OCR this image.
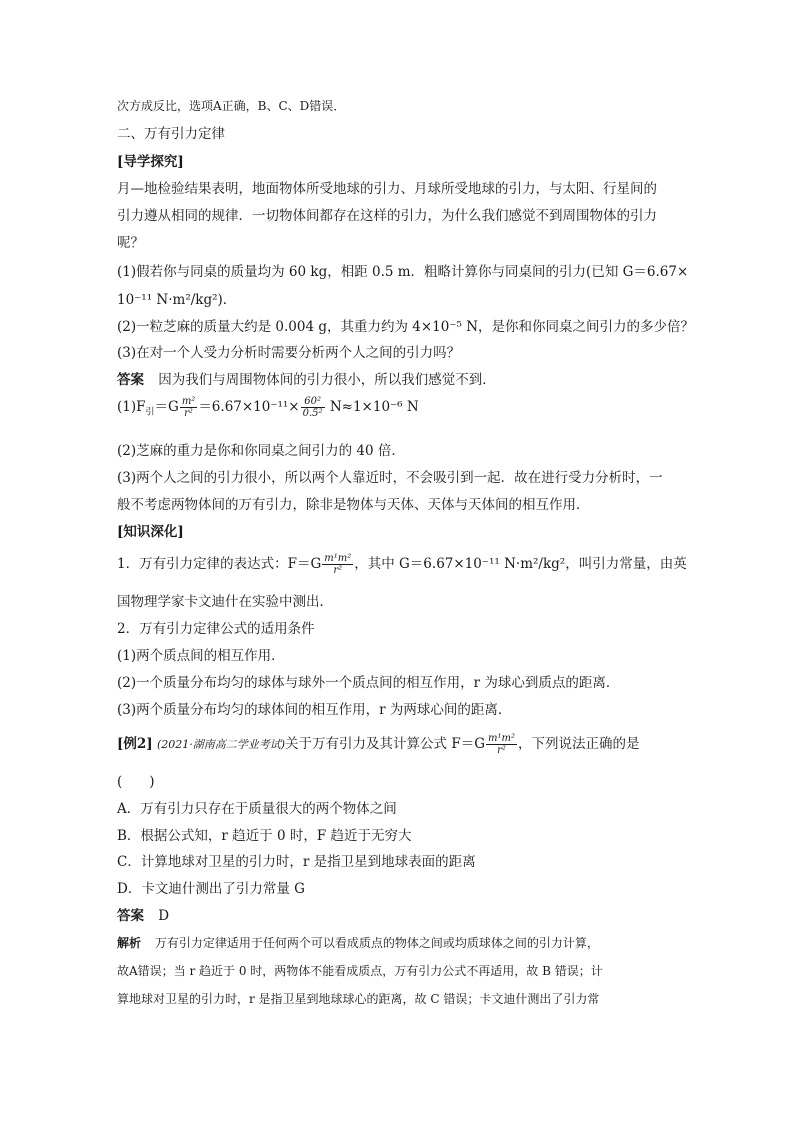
次方成反比，选项A正确，B、C、D错误．
二、万有引力定律
[导学探究]
月—地检验结果表明，地面物体所受地球的引力、月球所受地球的引力，与太阳、行星间的
引力遵从相同的规律．一切物体间都存在这样的引力，为什么我们感觉不到周围物体的引力
呢？
(1)假若你与同桌的质量均为 60 kg，相距 0.5 m．粗略计算你与同桌间的引力(已知 G＝6.67×
10⁻¹¹ N·m²/kg²)．
(2)一粒芝麻的质量大约是 0.004 g，其重力约为 4×10⁻⁵ N，是你和你同桌之间引力的多少倍？
(3)在对一个人受力分析时需要分析两个人之间的引力吗？
答案 因为我们与周围物体间的引力很小，所以我们感觉不到．
$(1)F_引=G \frac{\text{m²}}{\text{r²}} =6.67\times 10^{-11}\times \frac{\text{60²}}{\text{0.5²}} N\approx 1\times 10^{-6}$ N
(2)芝麻的重力是你和你同桌之间引力的 40 倍．
(3)两个人之间的引力很小，所以两个人靠近时，不会吸引到一起．故在进行受力分析时，一
般不考虑两物体间的万有引力，除非是物体与天体、天体与天体间的相互作用．
[知识深化]
1．万有引力定律的表达式：$F=G \frac{\text{m¹m²}}{\text{r²}}$ ，其中 G＝6.67×10⁻¹¹ N·m²/kg²，叫引力常量，由英
国物理学家卡文迪什在实验中测出．
2．万有引力定律公式的适用条件
(1)两个质点间的相互作用．
(2)一个质量分布均匀的球体与球外一个质点间的相互作用，r 为球心到质点的距离．
(3)两个质量分布均匀的球体间的相互作用，r 为两球心间的距离．
[例2] (2021·湖南高二学业考试)关于万有引力及其计算公式 $F=G \frac{\text{m¹m²}}{\text{r²}}$ ，下列说法正确的是
(　　)
A．万有引力只存在于质量很大的两个物体之间
B．根据公式知，r 趋近于 0 时，F 趋近于无穷大
C．计算地球对卫星的引力时，r 是指卫星到地球表面的距离
D．卡文迪什测出了引力常量 G
答案 D
解析 万有引力定律适用于任何两个可以看成质点的物体之间或均质球体之间的引力计算，
故A错误；当 r 趋近于 0 时，两物体不能看成质点，万有引力公式不再适用，故 B 错误；计
算地球对卫星的引力时，r 是指卫星到地球球心的距离，故 C 错误；卡文迪什测出了引力常
